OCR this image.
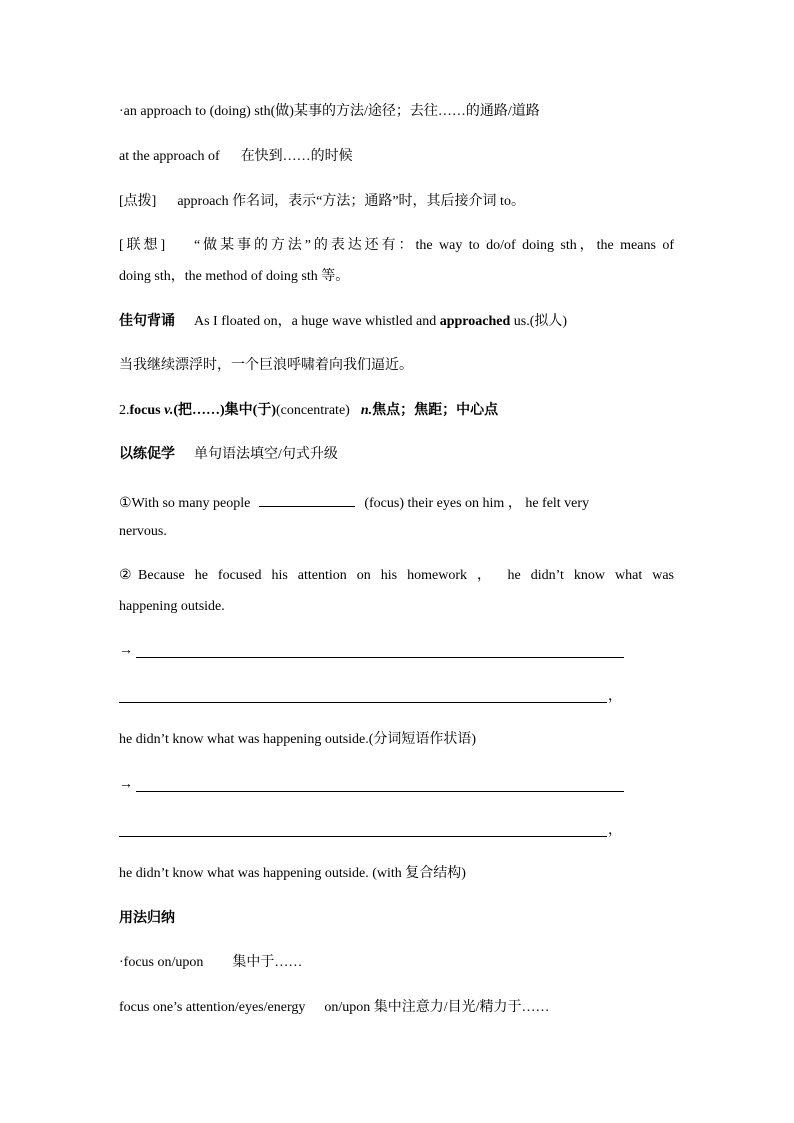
·an approach to (doing) sth(做)某事的方法/途径；去往……的通路/道路
at the approach of 在快到……的时候
[点拨] approach 作名词，表示“方法；通路”时，其后接介词 to。
[联想] “做某事的方法”的表达还有：the way to do/of doing sth，the means of
doing sth，the method of doing sth 等。
佳句背诵 As I floated on，a huge wave whistled and approached us.(拟人)
当我继续漂浮时，一个巨浪呼啸着向我们逼近。
2.focus v.(把……)集中(于)(concentrate) n.焦点；焦距；中心点
以练促学 单句语法填空/句式升级
①With so many people	(focus) their eyes on him ， he felt very
nervous.
②Because he focused his attention on his homework ， he didn’t know what was
happening outside.
→
，
he didn’t know what was happening outside.(分词短语作状语)
→
，
he didn’t know what was happening outside. (with 复合结构)
用法归纳
·focus on/upon 集中于……
focus one’s attention/eyes/energy on/upon 集中注意力/目光/精力于……
